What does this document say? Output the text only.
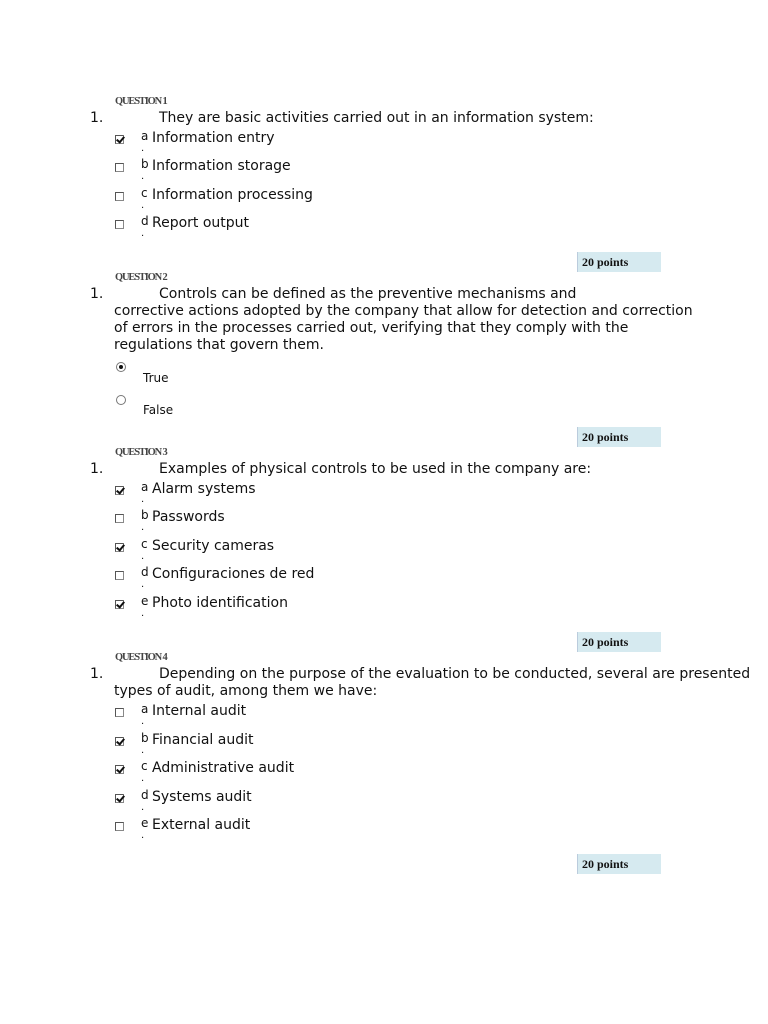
QUESTION 1
1.	They are basic activities carried out in an information system:
a
.
Information entry
b
.
Information storage
c
.
Information processing
d
.
Report output
20 points
QUESTION 2
1.	Controls can be defined as the preventive mechanisms and
corrective actions adopted by the company that allow for detection and correction
of errors in the processes carried out, verifying that they comply with the
regulations that govern them.
True
False
20 points
QUESTION 3
1.	Examples of physical controls to be used in the company are:
a
.
Alarm systems
b
.
Passwords
c
.
Security cameras
d
.
Configuraciones de red
e
.
Photo identification
20 points
QUESTION 4
1.	Depending on the purpose of the evaluation to be conducted, several are presented
types of audit, among them we have:
a
.
Internal audit
b
.
Financial audit
c
.
Administrative audit
d
.
Systems audit
e
.
External audit
20 points
